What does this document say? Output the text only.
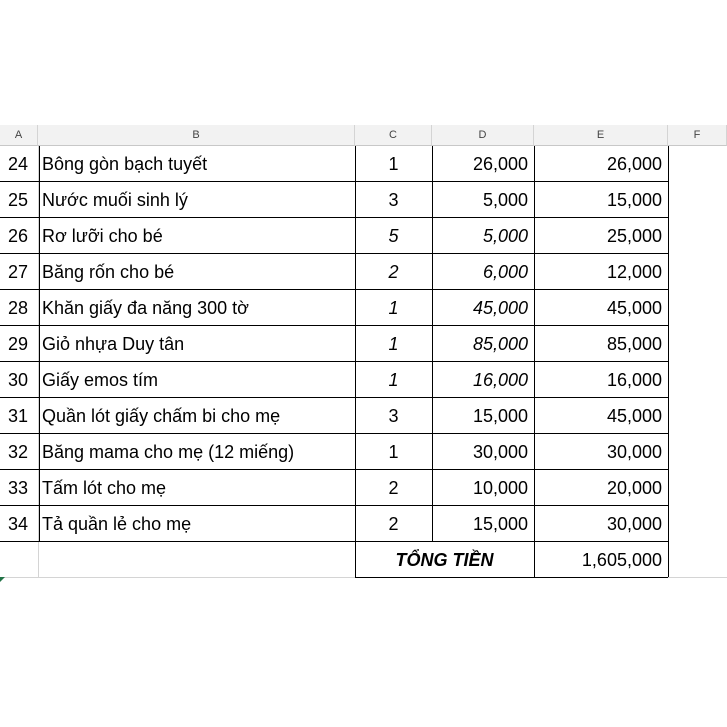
A	B	C	D	E	F
24 Bông gòn bạch tuyết	1	26,000	26,000
25 Nước muối sinh lý	3	5,000	15,000
26 Rơ lưỡi cho bé	5	5,000	25,000
27 Băng rốn cho bé	2	6,000	12,000
28 Khăn giấy đa năng 300 tờ	1	45,000	45,000
29 Giỏ nhựa Duy tân	1	85,000	85,000
30 Giấy emos tím	1	16,000	16,000
31 Quần lót giấy chấm bi cho mẹ	3	15,000	45,000
32 Băng mama cho mẹ (12 miếng)	1	30,000	30,000
33 Tấm lót cho mẹ	2	10,000	20,000
34 Tả quần lẻ cho mẹ	2	15,000	30,000
TỔNG TIỀN	1,605,000
